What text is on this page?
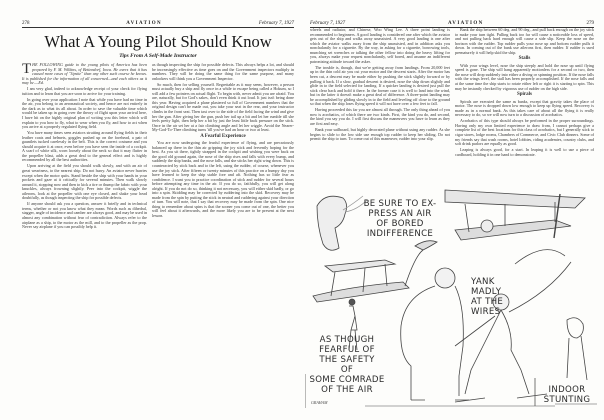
278	AVIATION	February 7, 1927
What A Young Pilot Should Know
Tips From A Self-Made Instructor

THE FOLLOWING guide to the young pilots of America has been prepared by F. M. Wilkins, of Bettendorf, Iowa. He avers that it has caused more cases of "Jipsite" than any other such course he knows. It is published for the information of all concerned—and each others as it may be.—Ed.

I am very glad, indeed to acknowledge receipt of your check for flying tuition and to learn that you are soon to arrive for your training.

In going over your application I note that while you have had no time in the air, you belong to an aeronautical society, and hence are not entirely in the dark as to what its all about. In order to save the valuable time which would be taken up in going over the theory of flight upon your arrival here, I have hit on the highly original plan of writing you this letter which will explain to you how to fly, what to wear when you fly, and how to act when you arrive at a properly regulated flying field.

You have many times seen aviators strutting around flying fields in their leather coats and helmets, goggles pushed up on the forehead, a pair of gauntlets tucked carelessly in the belt. This is the correct costume and you should acquire it at once, even before you have seen the inside of a cockpit. A scarf of white silk, worn loosely about the neck so that it may flutter in the propeller blast, adds a great deal to the general effect and is highly recommended by all the best authorities.

Upon arriving at the field you should walk slowly, and with an air of great weariness, to the nearest ship. Do not hurry. An aviator never hurries except when the motor quits. Stand beside the ship with your hands in your pockets and gaze at it critically for several minutes. Then walk slowly around it, stopping now and then to kick a tire or thump the fabric with your knuckles, always frowning slightly. Peer into the cockpit, wiggle the ailerons, look at the propeller with one eye closed, and shake your head doubtfully, as though inspecting the ship for possible defects.

If anyone should ask you a question, answer it briefly and in technical terms, whether or not you know what they mean. Words such as dihedral, stagger, angle of incidence and camber are always good, and may be used in almost any combination without fear of contradiction. Always refer to the airplane as a ship, to the motor as the mill, and to the propeller as the prop. Never say airplane if you can possibly help it.

as though inspecting the ship for possible defects. This always helps a lot, and should be increasingly effective as time goes on and the Government inspectors multiply in numbers. They will be doing the same thing for the same purpose, and many onlookers will think you a Government Inspector.

So much, then for selling yourself. Regrettable as it may seem, however, a person must actually buy a ship and fly once in a while to escape being called a Hokum, so I will add a few pointers on actual flight. To begin with, never admit you are afraid. You are, naturally, but for God's sakes, don't even think it out loud. It just isn't being done this year. Having acquired a plane plastered so full of Government numbers that the original design can't be made out, you take your seat in the rear, and your instructor climbs in the front seat. Then taxi over to the side of the field facing the wind and give her the gun. After giving her the gun, push her tail up a bit and let her rumble till she feels pretty light, then help her a bit by just the least little back pressure on the stick. Once in the air set her at a fair climbing angle and let her wiggle. Avoid the Nearer-My-God-To-Thee climbing turns 'till you've had an hour or two at least.

A Fearful Experience

You are now undergoing the fearful experience of flying, and are precariously balanced up there in the thin air gripping the joy stick and fervently hoping for the best. As you sit there, tightly strapped in the cockpit and wishing you were back on the good old ground again, the nose of the ship rises and falls with every bump, and suddenly the ship banks, and the nose falls, and she sticks her right wing down. This is counteracted by stick back and to the left, using the rudder, of course, whenever you use the joy stick. After fifteen or twenty minutes of this practice on a bumpy day you have learned to keep the ship stable fore and aft. Nothing has so little fear as confidence. I want you to practice coordination of stick and rudder for several hours before attempting any time in the air. If you do so, faithfully, you will get along alright. If you do not do so, thinking it not necessary, you will either skid badly, or go into a spin. Skidding may be corrected by ruddering into the skid. Recovery may be made from the spin by putting the stick in neutral and ruddering against your direction of turn. You will note, that I say that recovery may be made from the spin. One nice thing to remember about spins is that the sooner you come out of one, the better you will feel about it afterwards, and the more likely you are to be present at the next lesson.

February 7, 1927	AVIATION	279

wheels and radiator, and Chinese, Woo Wing Lee. A three point landing is recommended to beginners. A good landing is considered one after which the aviator gets out of the ship and walks away unassisted. A very good landing is one after which the aviator walks away from the ship unassisted, and in addition asks you nonchalantly for a cigarette. By the way, in asking for a cigarette, borrowing tools, munching set wrenches or talking the other fellow into doing the heavy lifting for you, always make your request nonchalantly, self bored, and assume an indifferent patronizing attitude toward the asker.

The trouble is, though, that we're getting away from landings. From 20,000 feet up in the thin cold air you cut your motor and the descent starts. After the motor has been cut, a descent may be made either by pushing the stick slightly forward or by pulling it back. If a slow, gradual descent is desired, nose the ship down slightly and glide in to the field selected for landing. If a quicker landing is desired just pull the stick clear back and hold it there. In the former case it is well to land into the wind, but in the latter it doesn't make a great deal of difference. A three-point landing may be accomplished by gliding slowly in to the field and leveling off close to the ground so that when the ship loses flying speed it will not have over a few feet to fall.

Having proceeded this far you are almost all through. The only thing ahead of you now is acrobatics, of which there are two kinds. First, the kind you do, and second, the kind you say you do. I will first discuss the maneuvers you have to learn as they are first and easy.

Bank your sailboard, but highly decorated plane without using any rudder. As she begins to slide to the low side use enough top rudder to keep her sliding. Do not permit the ship to turn. To come out of this maneuver, rudder into your slip.

Bank the ship between 60 deg. and 90 deg., and pull back enough on the joy stick to make your turn tight. Pulling back too far will cause a noticeable loss of speed, and not pulling back hard enough will cause a side slip. Keep the nose on the horizon with the rudder. Top rudder pulls your nose up and bottom rudder pulls it down. In coming out of the bank use ailerons first, then rudder. If rudder is used prematurely it will help skid the ship.

Stalls

With your wings level, nose the ship steeply and hold the nose up until flying speed is gone. The ship will hang apparently motionless for a second or two, then the nose will drop suddenly into either a diving or spinning position. If the nose falls with the wings level, the stall has been properly accomplished. If the nose falls and at the same time the ship starts to rotate either left or right it is starting to spin. This may be instantly checked by vigorous use of rudder on the high side.

Spirals

Spirals are executed the same as banks, except that gravity takes the place of motor. The nose is dropped down low enough to keep up flying speed. Recovery is made as in a normal bank. As this takes care of about all the flying it is really necessary to do, so we will now turn to a discussion of acrobatics.

Acrobatics of this type should always be performed in the proper surroundings. Having only my own limited experience to draw from, I cannot perhaps give a complete list of the best locations for this class of acrobatics, but I generally stick to cigar stores, lodge rooms, Chambers of Commerce, and Civic Club dinners. Some of my friends say that wash rooms, hotel lobbies, riding academies, country clubs, and soft drink parlors are equally as good.

Leaping is always good, for a start. In leaping it is well to use a piece of cardboard, holding it in one hand to demonstrate.

BE SURE TO EX-
PRESS AN AIR
OF BORED
INDIFFERENCE
YANK
MADLY
AT THE
WIRES
AS THOUGH
FEARFUL OF
THE SAFETY
OF
SOME COMRADE
OF THE AIR
GRAHAM
INDOOR
STUNTING
